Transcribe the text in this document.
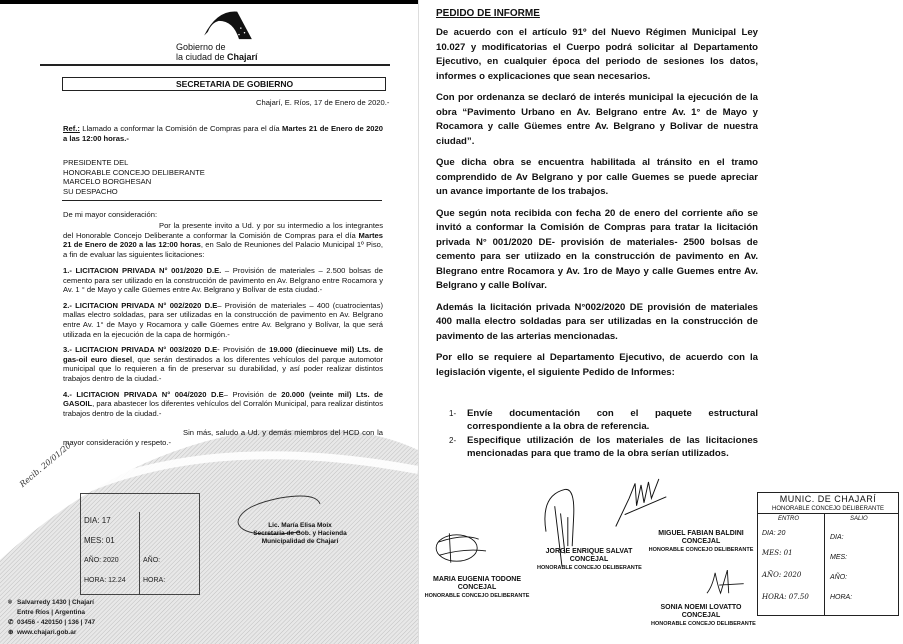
Gobierno de
la ciudad de Chajarí
SECRETARIA DE GOBIERNO
Chajarí, E. Ríos, 17 de Enero de 2020.-
Ref.: Llamado a conformar la Comisión de Compras para el día Martes 21 de Enero de 2020 a las 12:00 horas.-
PRESIDENTE DEL
HONORABLE CONCEJO DELIBERANTE
MARCELO BORGHESAN
SU DESPACHO
De mi mayor consideración:
Por la presente invito a Ud. y por su intermedio a los integrantes del Honorable Concejo Deliberante a conformar la Comisión de Compras para el día Martes 21 de Enero de 2020 a las 12:00 horas, en Salo de Reuniones del Palacio Municipal 1º Piso, a fin de evaluar las siguientes licitaciones:
1.- LICITACION PRIVADA N° 001/2020 D.E. – Provisión de materiales – 2.500 bolsas de cemento para ser utilizado en la construcción de pavimento en Av. Belgrano entre Rocamora y Av. 1 ° de Mayo y calle Güemes entre Av. Belgrano y Bolívar de esta ciudad.-
2.- LICITACION PRIVADA N° 002/2020 D.E– Provisión de materiales – 400 (cuatrocientas) mallas electro soldadas, para ser utilizadas en la construcción de pavimento en Av. Belgrano entre Av. 1° de Mayo y Rocamora y calle Güemes entre Av. Belgrano y Bolívar, la que será utilizada en la ejecución de la capa de hormigón.-
3.- LICITACION PRIVADA N° 003/2020 D.E- Provisión de 19.000 (diecinueve mil) Lts. de gas-oil euro diesel, que serán destinados a los diferentes vehículos del parque automotor municipal que lo requieren a fin de preservar su durabilidad, y así poder realizar distintos trabajos dentro de la ciudad.-
4.- LICITACION PRIVADA N° 004/2020 D.E– Provisión de 20.000 (veinte mil) Lts. de GASOIL, para abastecer los diferentes vehículos del Corralón Municipal, para realizar distintos trabajos dentro de la ciudad.-
Sin más, saludo a Ud. y demás miembros del HCD con la mayor consideración y respeto.-
Lic. María Elisa Moix
Secretaria de Gob. y Hacienda
Municipalidad de Chajarí
Recib. 20/01/20
DIA: 17
MES: 01
AÑO: 2020
HORA: 12.24
AÑO:
HORA:
⌾ Salvarredy 1430 | Chajarí
Entre Ríos | Argentina
✆ 03456 - 420150 | 136 | 747
⊕ www.chajari.gob.ar
PEDIDO DE INFORME
De acuerdo con el artículo 91º del Nuevo Régimen Municipal Ley 10.027 y modificatorias el Cuerpo podrá solicitar al Departamento Ejecutivo, en cualquier época del periodo de sesiones los datos, informes o explicaciones que sean necesarios.
Con por ordenanza se declaró de interés municipal la ejecución de la obra “Pavimento Urbano en Av. Belgrano entre Av. 1° de Mayo y Rocamora y calle Güemes entre Av. Belgrano y Bolivar de nuestra ciudad”.
Que dicha obra se encuentra habilitada al tránsito en el tramo comprendido de Av Belgrano y por calle Guemes se puede apreciar un avance importante de los trabajos.
Que según nota recibida con fecha 20 de enero del corriente año se invitó a conformar la Comisión de Compras para tratar la licitación privada N° 001/2020 DE- provisión de materiales- 2500 bolsas de cemento para ser utiizado en la construcción de pavimento en Av. Blegrano entre Rocamora y Av. 1ro de Mayo y calle Guemes entre Av. Belgrano y calle Bolívar.
Además la licitación privada N°002/2020 DE provisión de materiales 400 malla electro soldadas para ser utilizadas en la construcción de pavimento de las arterias mencionadas.
Por ello se requiere al Departamento Ejecutivo, de acuerdo con la legislación vigente, el siguiente Pedido de Informes:
1- Envíe documentación con el paquete estructural correspondiente a la obra de referencia.
2- Especifique utilización de los materiales de las licitaciones mencionadas para que tramo de la obra serían utilizados.
MARIA EUGENIA TODONE
CONCEJAL
HONORABLE CONCEJO DELIBERANTE
JORGE ENRIQUE SALVAT
CONCEJAL
HONORABLE CONCEJO DELIBERANTE
MIGUEL FABIAN BALDINI
CONCEJAL
HONORABLE CONCEJO DELIBERANTE
SONIA NOEMI LOVATTO
CONCEJAL
HONORABLE CONCEJO DELIBERANTE
MUNIC. DE CHAJARÍ
HONORABLE CONCEJO DELIBERANTE
ENTRO	SALIO
DIA: 20
MES: 01
AÑO: 2020
HORA: 07.50
DIA:
MES:
AÑO:
HORA:
